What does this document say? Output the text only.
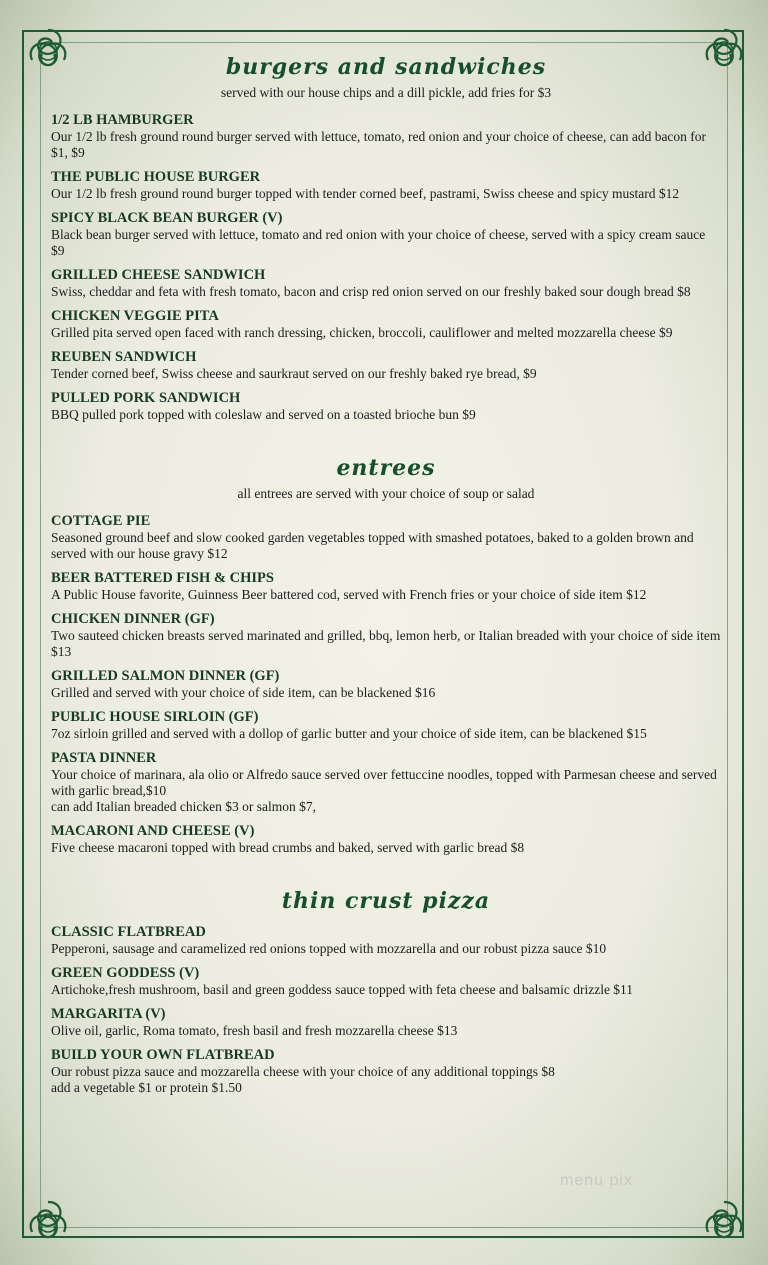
burgers and sandwiches

served with our house chips and a dill pickle, add fries for $3

1/2 LB HAMBURGER
Our 1/2 lb fresh ground round burger served with lettuce, tomato, red onion and your choice of cheese, can add bacon for $1, $9
THE PUBLIC HOUSE BURGER
Our 1/2 lb fresh ground round burger topped with tender corned beef, pastrami, Swiss cheese and spicy mustard $12
SPICY BLACK BEAN BURGER (V)
Black bean burger served with lettuce, tomato and red onion with your choice of cheese, served with a spicy cream sauce $9
GRILLED CHEESE SANDWICH
Swiss, cheddar and feta with fresh tomato, bacon and crisp red onion served on our freshly baked sour dough bread $8
CHICKEN VEGGIE PITA
Grilled pita served open faced with ranch dressing, chicken, broccoli, cauliflower and melted mozzarella cheese $9
REUBEN SANDWICH
Tender corned beef, Swiss cheese and saurkraut served on our freshly baked rye bread, $9
PULLED PORK SANDWICH
BBQ pulled pork topped with coleslaw and served on a toasted brioche bun $9
entrees

all entrees are served with your choice of soup or salad

COTTAGE PIE
Seasoned ground beef and slow cooked garden vegetables topped with smashed potatoes, baked to a golden brown and served with our house gravy $12
BEER BATTERED FISH & CHIPS
A Public House favorite, Guinness Beer battered cod, served with French fries or your choice of side item $12
CHICKEN DINNER (GF)
Two sauteed chicken breasts served marinated and grilled, bbq, lemon herb, or Italian breaded with your choice of side item $13
GRILLED SALMON DINNER (GF)
Grilled and served with your choice of side item, can be blackened $16
PUBLIC HOUSE SIRLOIN (GF)
7oz sirloin grilled and served with a dollop of garlic butter and your choice of side item, can be blackened $15
PASTA DINNER
Your choice of marinara, ala olio or Alfredo sauce served over fettuccine noodles, topped with Parmesan cheese and served with garlic bread,$10
can add Italian breaded chicken $3 or salmon $7,
MACARONI AND CHEESE (V)
Five cheese macaroni topped with bread crumbs and baked, served with garlic bread $8
thin crust pizza
CLASSIC FLATBREAD
Pepperoni, sausage and caramelized red onions topped with mozzarella and our robust pizza sauce $10
GREEN GODDESS (V)
Artichoke,fresh mushroom, basil and green goddess sauce topped with feta cheese and balsamic drizzle $11
MARGARITA (V)
Olive oil, garlic, Roma tomato, fresh basil and fresh mozzarella cheese $13
BUILD YOUR OWN FLATBREAD
Our robust pizza sauce and mozzarella cheese with your choice of any additional toppings $8
add a vegetable $1 or protein $1.50
menu pix
